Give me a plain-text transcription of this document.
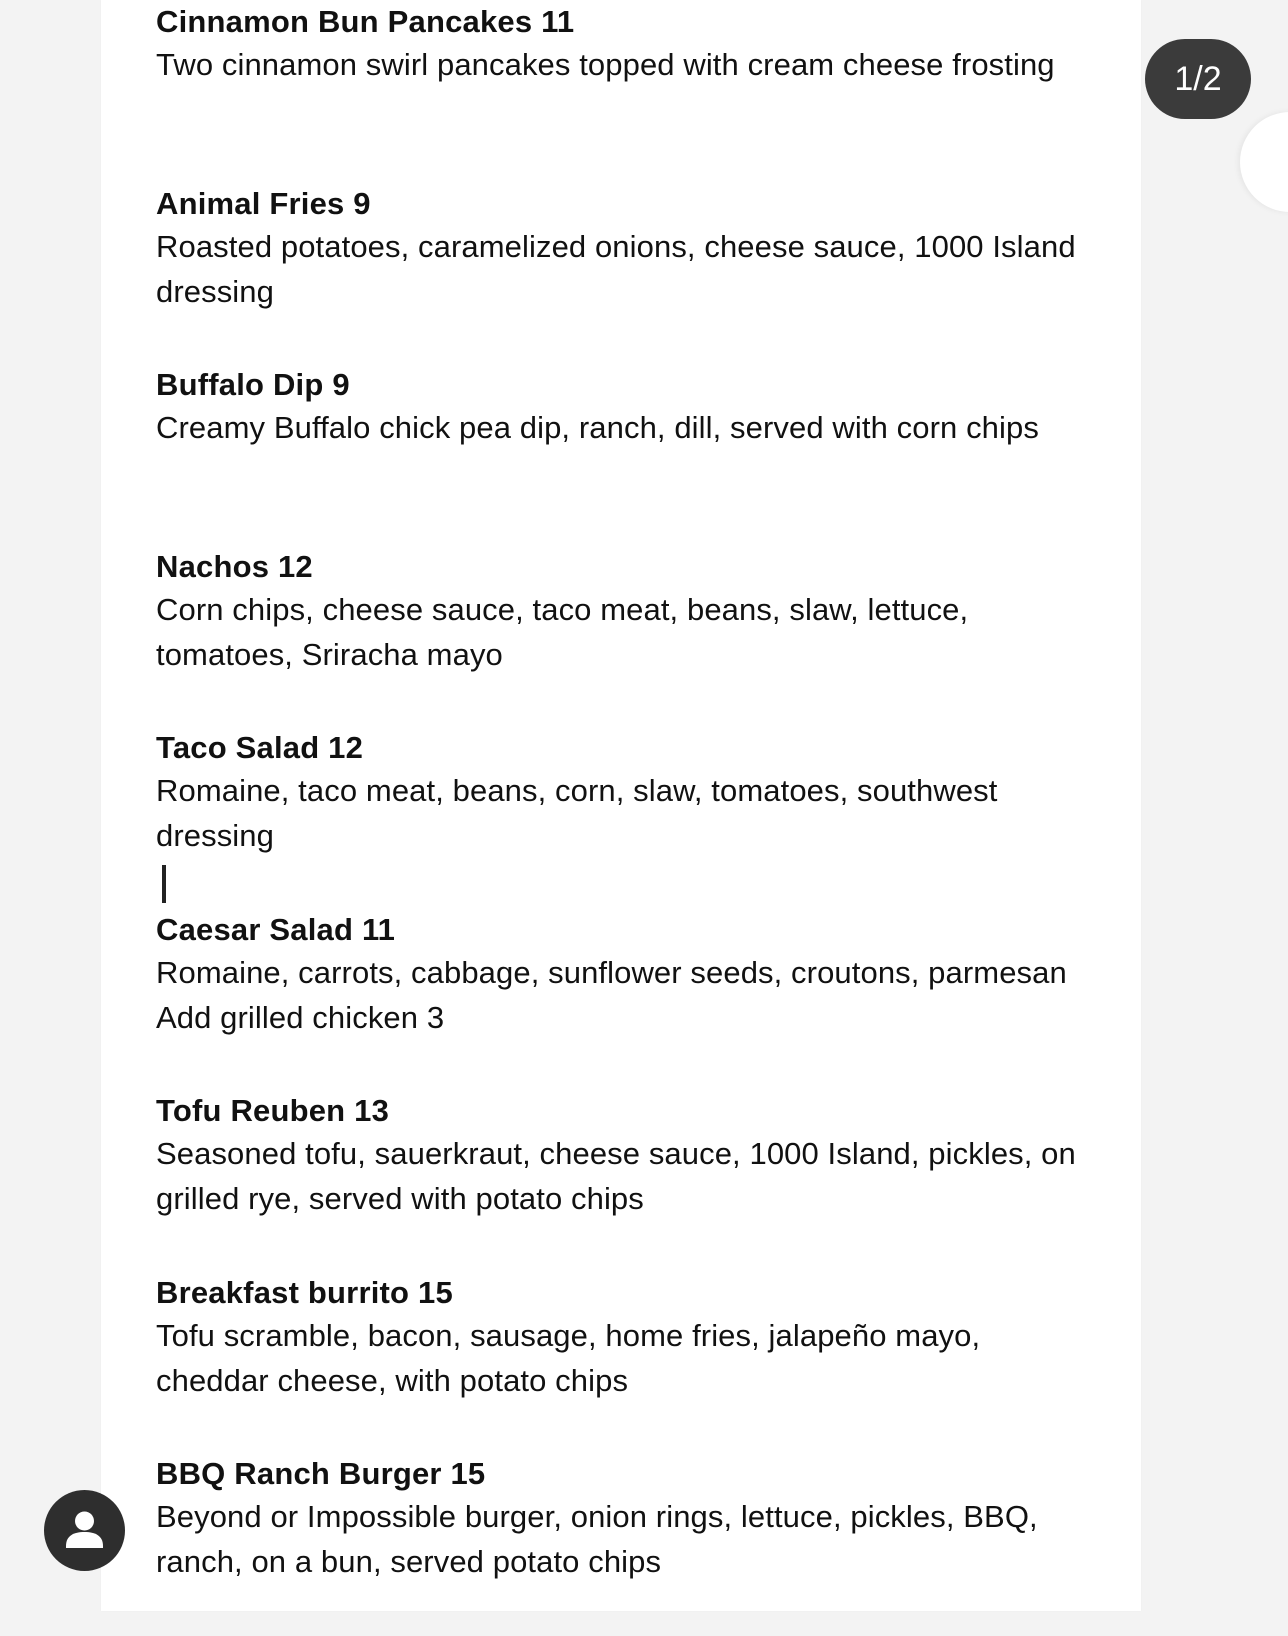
Cinnamon Bun Pancakes 11
Two cinnamon swirl pancakes topped with cream cheese frosting
Animal Fries 9
Roasted potatoes, caramelized onions, cheese sauce, 1000 Island dressing
Buffalo Dip 9
Creamy Buffalo chick pea dip, ranch, dill, served with corn chips
Nachos 12
Corn chips, cheese sauce, taco meat, beans, slaw, lettuce, tomatoes, Sriracha mayo
Taco Salad 12
Romaine, taco meat, beans, corn, slaw, tomatoes, southwest dressing
Caesar Salad 11
Romaine, carrots, cabbage, sunflower seeds, croutons, parmesan Add grilled chicken 3
Tofu Reuben 13
Seasoned tofu, sauerkraut, cheese sauce, 1000 Island, pickles, on grilled rye, served with potato chips
Breakfast burrito 15
Tofu scramble, bacon, sausage, home fries, jalapeño mayo, cheddar cheese, with potato chips
BBQ Ranch Burger 15
Beyond or Impossible burger, onion rings, lettuce, pickles, BBQ, ranch, on a bun, served potato chips
1/2
